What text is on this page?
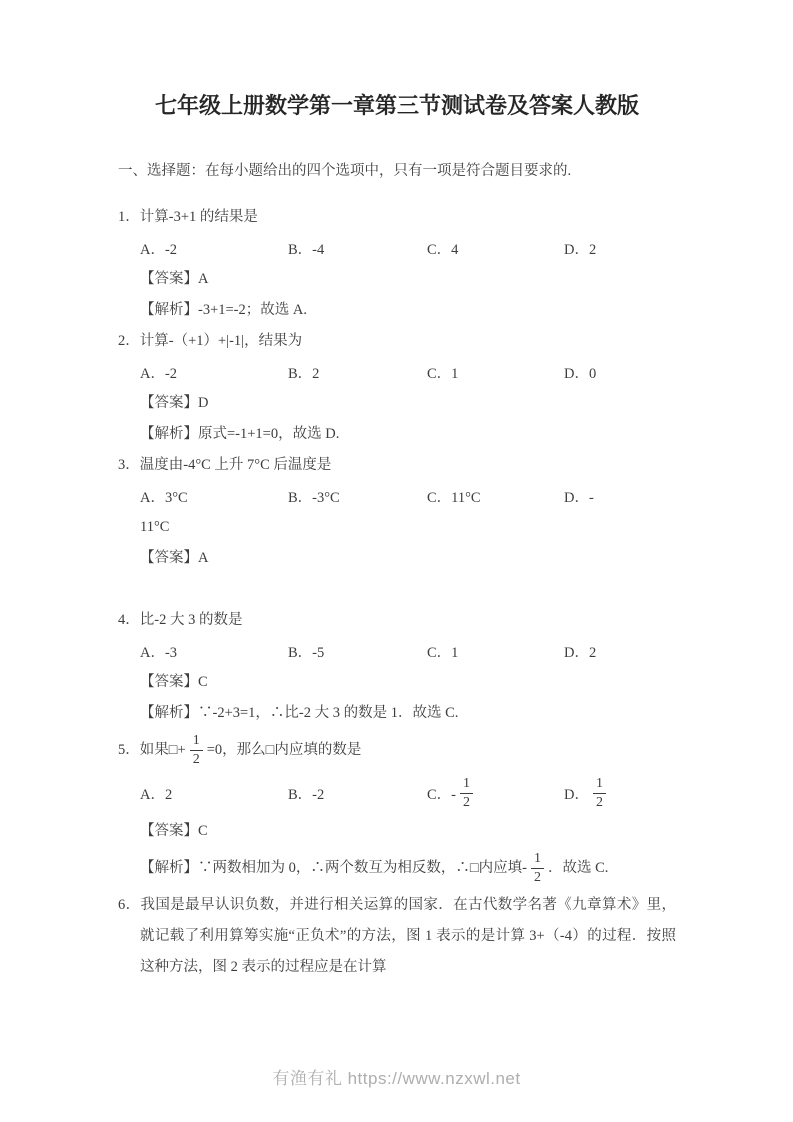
七年级上册数学第一章第三节测试卷及答案人教版

一、选择题：在每小题给出的四个选项中，只有一项是符合题目要求的.

1．计算-3+1 的结果是

A．-2	B．-4	C．4	D．2

【答案】A

【解析】-3+1=-2；故选 A.

2．计算-（+1）+|-1|，结果为

A．-2	B．2	C．1	D．0

【答案】D

【解析】原式=-1+1=0，故选 D.

3．温度由-4°C 上升 7°C 后温度是

A．3°C	B．-3°C	C．11°C	D．-

11°C

【答案】A

4．比-2 大 3 的数是

A．-3	B．-5	C．1	D．2

【答案】C

【解析】∵-2+3=1，∴比-2 大 3 的数是 1．故选 C.

5．如果□+ $\frac{1}{2} =0$，那么□内应填的数是
A．2	B．-2	C．- $\frac{1}{2}$	D． $\frac{1}{2}$

【答案】C

【解析】∵两数相加为 0，∴两个数互为相反数，∴□内应填- $\frac{1}{2}$ ．故选 C.

6．我国是最早认识负数，并进行相关运算的国家．在古代数学名著《九章算术》里，就记载了利用算筹实施“正负术”的方法，图 1 表示的是计算 3+（-4）的过程．按照这种方法，图 2 表示的过程应是在计算

有渔有礼 https://www.nzxwl.net
